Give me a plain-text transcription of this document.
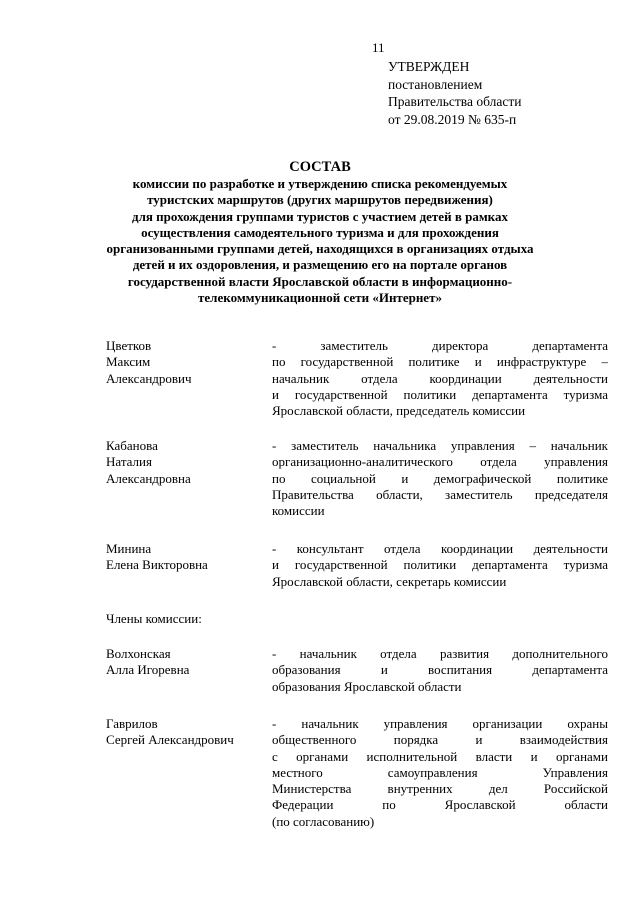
11
УТВЕРЖДЕН
постановлением
Правительства области
от 29.08.2019 № 635-п
СОСТАВ
комиссии по разработке и утверждению списка рекомендуемых
туристских маршрутов (других маршрутов передвижения)
для прохождения группами туристов с участием детей в рамках
осуществления самодеятельного туризма и для прохождения
организованными группами детей, находящихся в организациях отдыха
детей и их оздоровления, и размещению его на портале органов
государственной власти Ярославской области в информационно-
телекоммуникационной сети «Интернет»
Цветков
Максим
Александрович
- заместитель директора департамента
по государственной политике и инфраструктуре –
начальник отдела координации деятельности
и государственной политики департамента туризма
Ярославской области, председатель комиссии
Кабанова
Наталия
Александровна
- заместитель начальника управления – начальник
организационно-аналитического отдела управления
по социальной и демографической политике
Правительства области, заместитель председателя
комиссии
Минина
Елена Викторовна
- консультант отдела координации деятельности
и государственной политики департамента туризма
Ярославской области, секретарь комиссии
Члены комиссии:
Волхонская
Алла Игоревна
- начальник отдела развития дополнительного
образования и воспитания департамента
образования Ярославской области
Гаврилов
Сергей Александрович
- начальник управления организации охраны
общественного порядка и взаимодействия
с органами исполнительной власти и органами
местного самоуправления Управления
Министерства внутренних дел Российской
Федерации по Ярославской области
(по согласованию)
